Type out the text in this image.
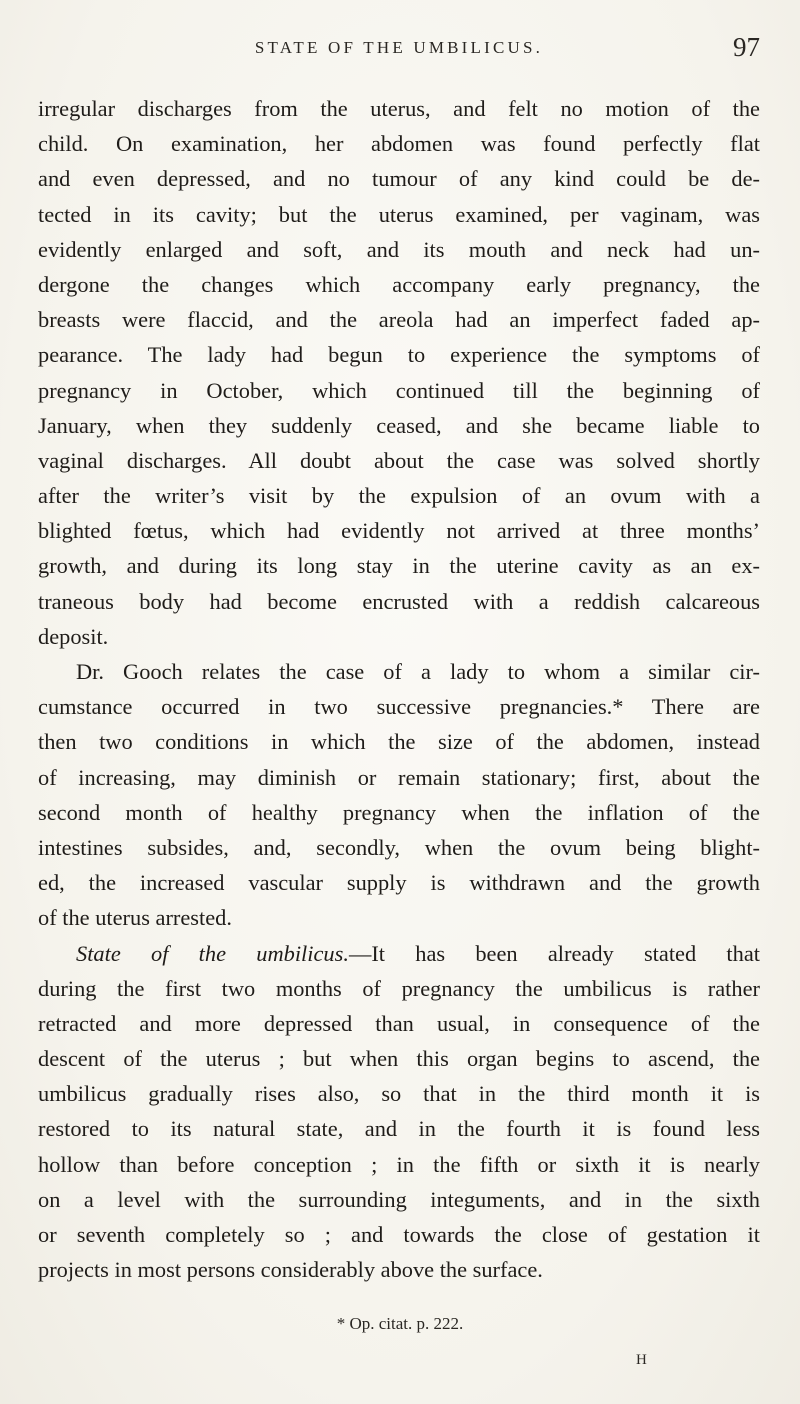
STATE OF THE UMBILICUS.	97
irregular discharges from the uterus, and felt no motion of the
child. On examination, her abdomen was found perfectly flat
and even depressed, and no tumour of any kind could be de-
tected in its cavity; but the uterus examined, per vaginam, was
evidently enlarged and soft, and its mouth and neck had un-
dergone the changes which accompany early pregnancy, the
breasts were flaccid, and the areola had an imperfect faded ap-
pearance. The lady had begun to experience the symptoms of
pregnancy in October, which continued till the beginning of
January, when they suddenly ceased, and she became liable to
vaginal discharges. All doubt about the case was solved shortly
after the writer’s visit by the expulsion of an ovum with a
blighted fœtus, which had evidently not arrived at three months’
growth, and during its long stay in the uterine cavity as an ex-
traneous body had become encrusted with a reddish calcareous
deposit.
Dr. Gooch relates the case of a lady to whom a similar cir-
cumstance occurred in two successive pregnancies.* There are
then two conditions in which the size of the abdomen, instead
of increasing, may diminish or remain stationary; first, about the
second month of healthy pregnancy when the inflation of the
intestines subsides, and, secondly, when the ovum being blight-
ed, the increased vascular supply is withdrawn and the growth
of the uterus arrested.
State of the umbilicus.—It has been already stated that
during the first two months of pregnancy the umbilicus is rather
retracted and more depressed than usual, in consequence of the
descent of the uterus ; but when this organ begins to ascend, the
umbilicus gradually rises also, so that in the third month it is
restored to its natural state, and in the fourth it is found less
hollow than before conception ; in the fifth or sixth it is nearly
on a level with the surrounding integuments, and in the sixth
or seventh completely so ; and towards the close of gestation it
projects in most persons considerably above the surface.
* Op. citat. p. 222.
H
